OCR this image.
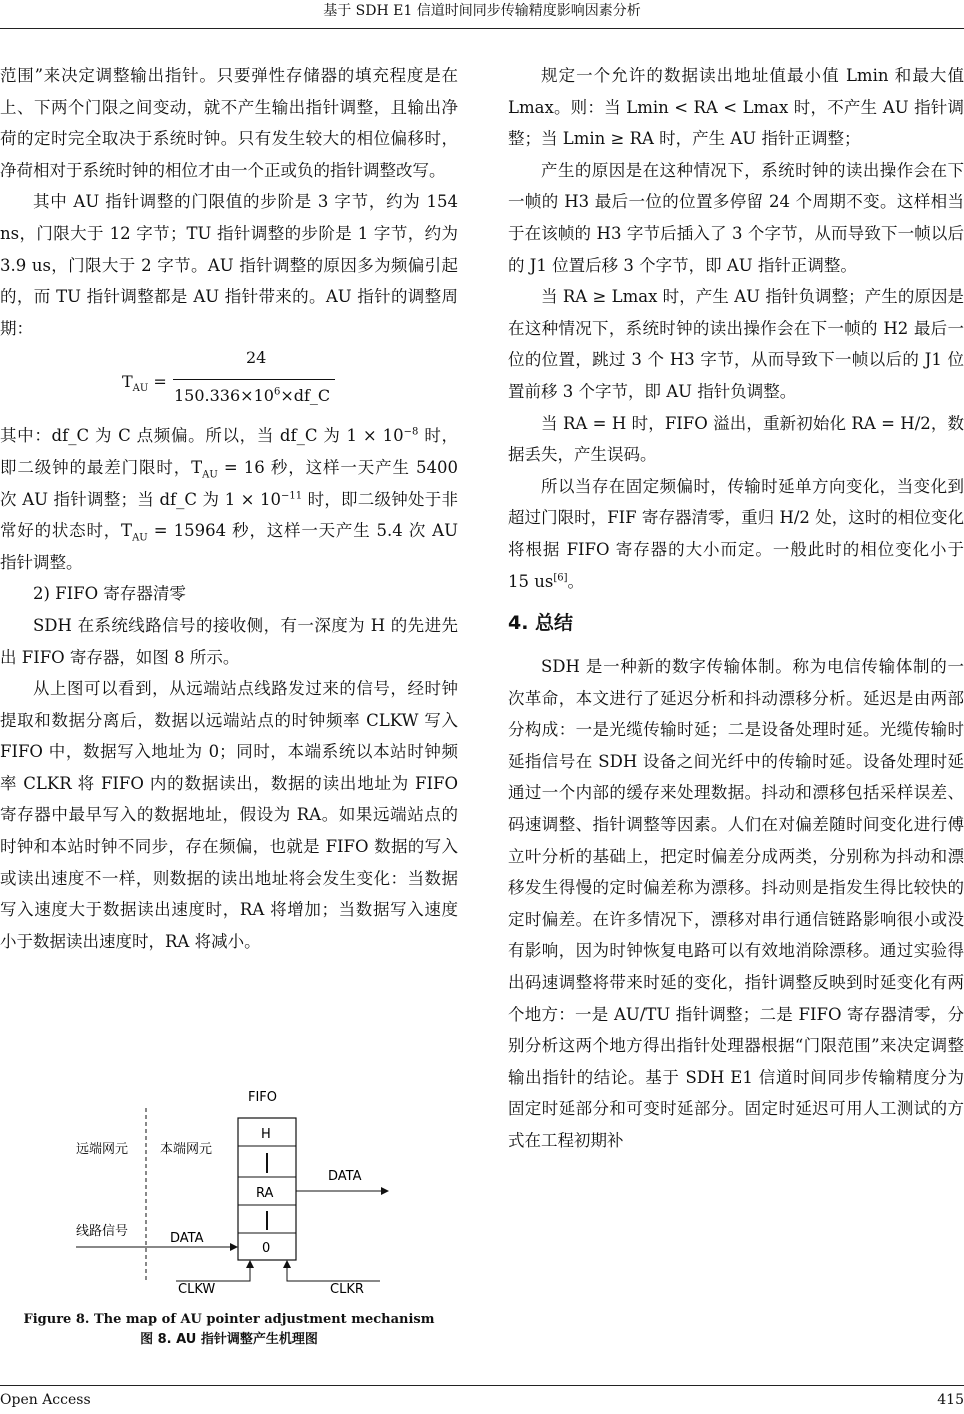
基于 SDH E1 信道时间同步传输精度影响因素分析

范围”来决定调整输出指针。只要弹性存储器的填充程度是在上、下两个门限之间变动，就不产生输出指针调整，且输出净荷的定时完全取决于系统时钟。只有发生较大的相位偏移时，净荷相对于系统时钟的相位才由一个正或负的指针调整改写。

其中 AU 指针调整的门限值的步阶是 3 字节，约为 154 ns，门限大于 12 字节；TU 指针调整的步阶是 1 字节，约为 3.9 us，门限大于 2 字节。AU 指针调整的原因多为频偏引起的，而 TU 指针调整都是 AU 指针带来的。AU 指针的调整周期：

$T_{AU}$ =
24
$150.336\times 10^6\times df\_C$

其中：df_C 为 C 点频偏。所以，当 df_C 为 $1 \times 10^{-8}$ 时，即二级钟的最差门限时，$T_{AU} = 16$ 秒，这样一天产生 5400 次 AU 指针调整；当 df_C 为 $1 \times 10^{-11}$ 时，即二级钟处于非常好的状态时，$T_{AU} = 15964$ 秒，这样一天产生 5.4 次 AU 指针调整。

2) FIFO 寄存器清零

SDH 在系统线路信号的接收侧，有一深度为 H 的先进先出 FIFO 寄存器，如图 8 所示。

从上图可以看到，从远端站点线路发过来的信号，经时钟提取和数据分离后，数据以远端站点的时钟频率 CLKW 写入 FIFO 中，数据写入地址为 0；同时，本端系统以本站时钟频率 CLKR 将 FIFO 内的数据读出，数据的读出地址为 FIFO 寄存器中最早写入的数据地址，假设为 RA。如果远端站点的时钟和本站时钟不同步，存在频偏，也就是 FIFO 数据的写入或读出速度不一样，则数据的读出地址将会发生变化：当数据写入速度大于数据读出速度时，RA 将增加；当数据写入速度小于数据读出速度时，RA 将减小。

FIFO
远端网元 本端网元
H
RA
0
DATA
线路信号	DATA
CLKW	CLKR
Figure 8. The map of AU pointer adjustment mechanism
图 8. AU 指针调整产生机理图

规定一个允许的数据读出地址值最小值 Lmin 和最大值 Lmax。则：当 Lmin < RA < Lmax 时，不产生 AU 指针调整；当 Lmin ≥ RA 时，产生 AU 指针正调整；

产生的原因是在这种情况下，系统时钟的读出操作会在下一帧的 H3 最后一位的位置多停留 24 个周期不变。这样相当于在该帧的 H3 字节后插入了 3 个字节，从而导致下一帧以后的 J1 位置后移 3 个字节，即 AU 指针正调整。

当 RA ≥ Lmax 时，产生 AU 指针负调整；产生的原因是在这种情况下，系统时钟的读出操作会在下一帧的 H2 最后一位的位置，跳过 3 个 H3 字节，从而导致下一帧以后的 J1 位置前移 3 个字节，即 AU 指针负调整。

当 RA = H 时，FIFO 溢出，重新初始化 RA = H/2，数据丢失，产生误码。

所以当存在固定频偏时，传输时延单方向变化，当变化到超过门限时，FIF 寄存器清零，重归 H/2 处，这时的相位变化将根据 FIFO 寄存器的大小而定。一般此时的相位变化小于 15 us[6]。

4. 总结

SDH 是一种新的数字传输体制。称为电信传输体制的一次革命，本文进行了延迟分析和抖动漂移分析。延迟是由两部分构成：一是光缆传输时延；二是设备处理时延。光缆传输时延指信号在 SDH 设备之间光纤中的传输时延。设备处理时延通过一个内部的缓存来处理数据。抖动和漂移包括采样误差、码速调整、指针调整等因素。人们在对偏差随时间变化进行傅立叶分析的基础上，把定时偏差分成两类，分别称为抖动和漂移发生得慢的定时偏差称为漂移。抖动则是指发生得比较快的定时偏差。在许多情况下，漂移对串行通信链路影响很小或没有影响，因为时钟恢复电路可以有效地消除漂移。通过实验得出码速调整将带来时延的变化，指针调整反映到时延变化有两个地方：一是 AU/TU 指针调整；二是 FIFO 寄存器清零，分别分析这两个地方得出指针处理器根据“门限范围”来决定调整输出指针的结论。基于 SDH E1 信道时间同步传输精度分为固定时延部分和可变时延部分。固定时延迟可用人工测试的方式在工程初期补

Open Access	415
